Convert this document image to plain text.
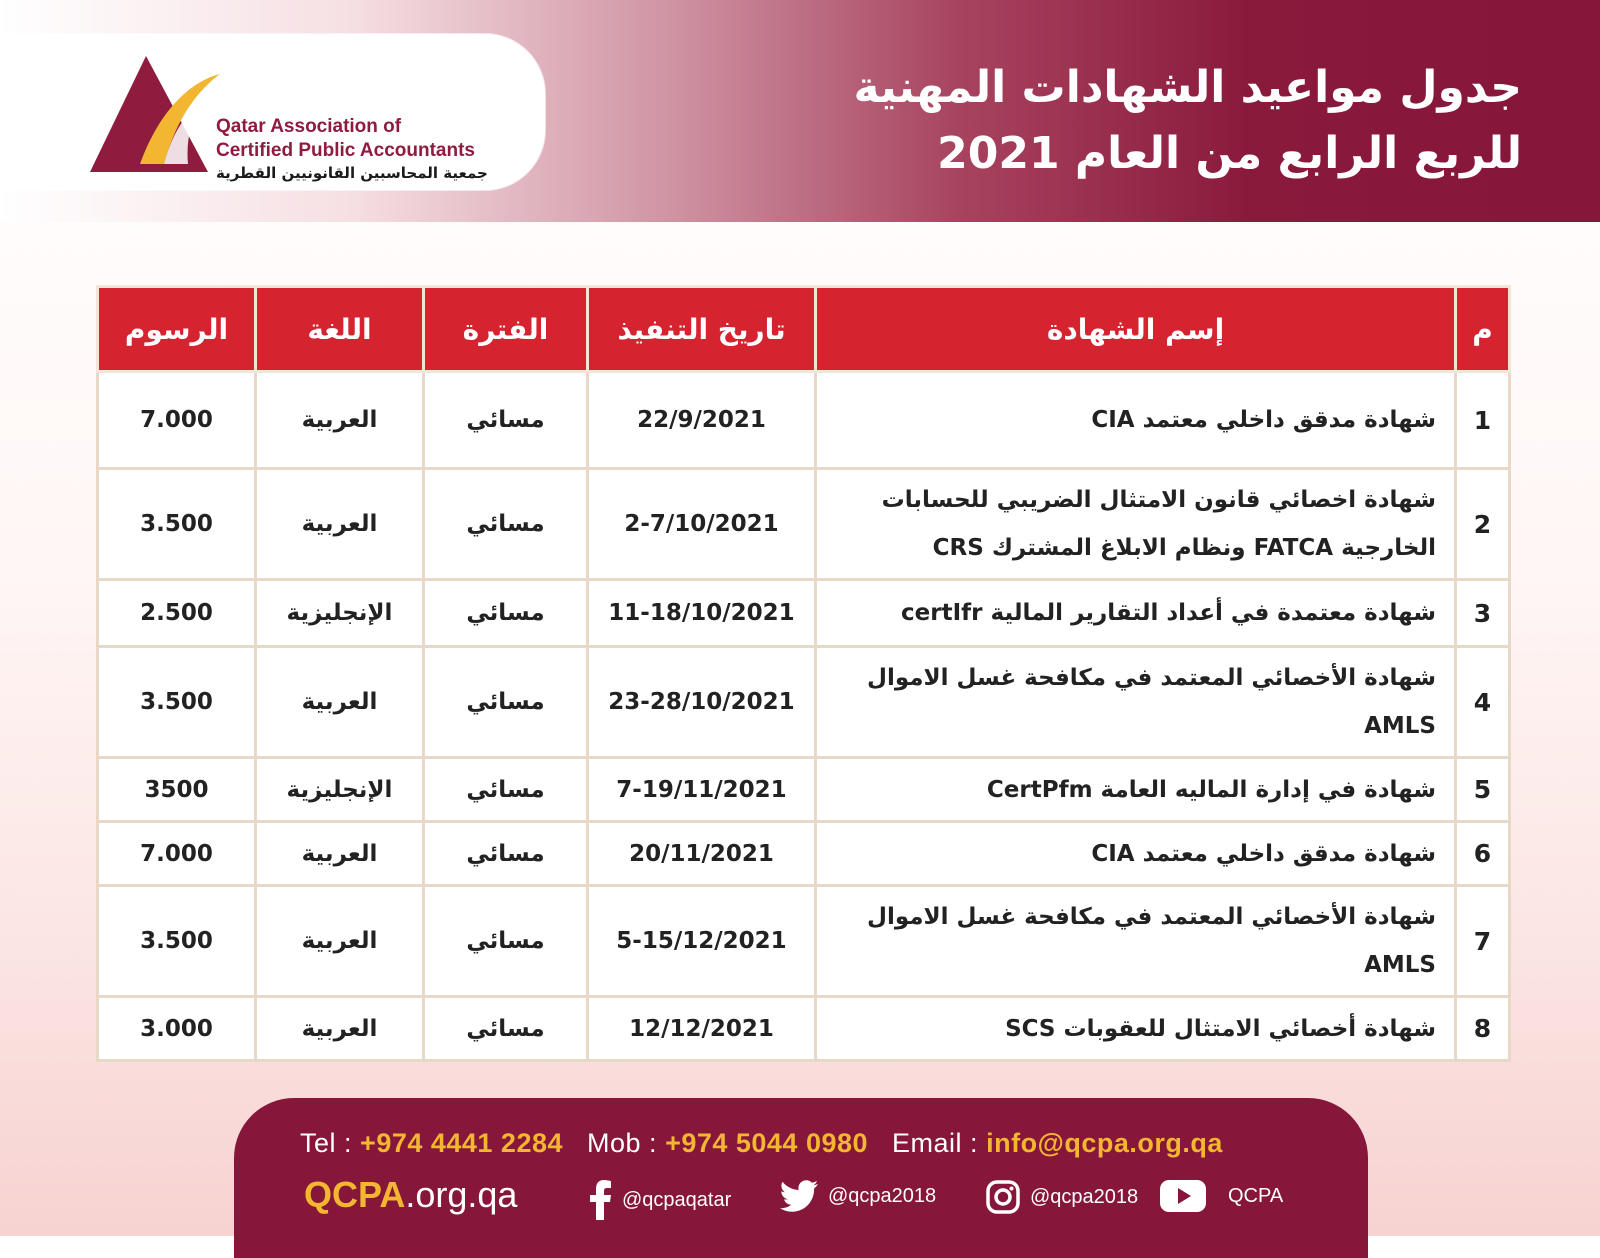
Qatar Association of
Certified Public Accountants
جمعية المحاسبين القانونيين القطرية
جدول مواعيد الشهادات المهنية
للربع الرابع من العام 2021
م	إسم الشهادة	تاريخ التنفيذ	الفترة	اللغة	الرسوم
1	شهادة مدقق داخلي معتمد CIA	22/9/2021	مسائي	العربية	7.000
2	شهادة اخصائي قانون الامتثال الضريبي للحسابات الخارجية FATCA ونظام الابلاغ المشترك CRS	2-7/10/2021	مسائي	العربية	3.500
3	شهادة معتمدة في أعداد التقارير المالية certIfr	11-18/10/2021	مسائي	الإنجليزية	2.500
4	شهادة الأخصائي المعتمد في مكافحة غسل الاموال AMLS	23-28/10/2021	مسائي	العربية	3.500
5	شهادة في إدارة الماليه العامة CertPfm	7-19/11/2021	مسائي	الإنجليزية	3500
6	شهادة مدقق داخلي معتمد CIA	20/11/2021	مسائي	العربية	7.000
7	شهادة الأخصائي المعتمد في مكافحة غسل الاموال AMLS	5-15/12/2021	مسائي	العربية	3.500
8	شهادة أخصائي الامتثال للعقوبات SCS	12/12/2021	مسائي	العربية	3.000
Tel : +974 4441 2284 Mob : +974 5044 0980 Email : info@qcpa.org.qa
QCPA.org.qa	@qcpaqatar	@qcpa2018	@qcpa2018	QCPA
